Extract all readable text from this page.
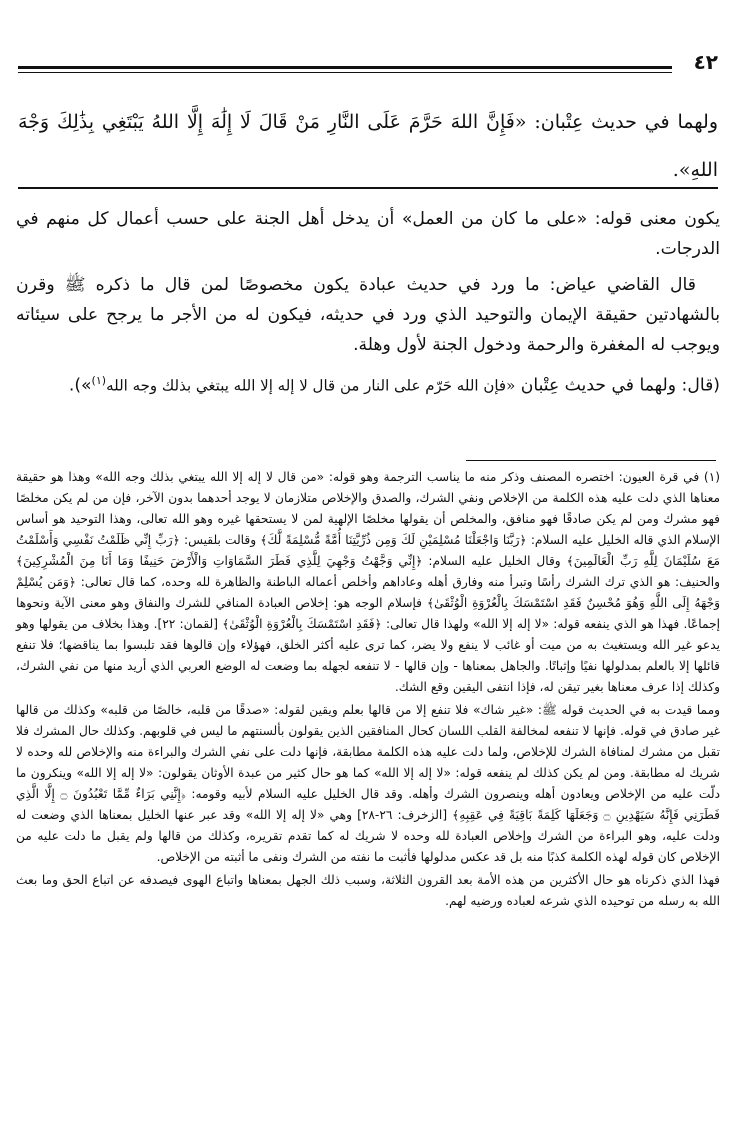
٤٢
ولهما في حديث عِتْبان: «فَإِنَّ اللهَ حَرَّمَ عَلَى النَّارِ مَنْ قَالَ لَا إِلَٰهَ إِلَّا اللهُ يَبْتَغِي بِذَٰلِكَ وَجْهَ اللهِ».

يكون معنى قوله: «على ما كان من العمل» أن يدخل أهل الجنة على حسب أعمال كل منهم في الدرجات.

قال القاضي عياض: ما ورد في حديث عبادة يكون مخصوصًا لمن قال ما ذكره ﷺ وقرن بالشهادتين حقيقة الإيمان والتوحيد الذي ورد في حديثه، فيكون له من الأجر ما يرجح على سيئاته ويوجب له المغفرة والرحمة ودخول الجنة لأول وهلة.

(قال: ولهما في حديث عِتْبان «فإن الله حَرّم على النار من قال لا إله إلا الله يبتغي بذلك وجه الله$^{(١)}$»).

(١) في قرة العيون: اختصره المصنف وذكر منه ما يناسب الترجمة وهو قوله: «من قال لا إله إلا الله يبتغي بذلك وجه الله» وهذا هو حقيقة معناها الذي دلت عليه هذه الكلمة من الإخلاص ونفي الشرك، والصدق والإخلاص متلازمان لا يوجد أحدهما بدون الآخر، فإن من لم يكن مخلصًا فهو مشرك ومن لم يكن صادقًا فهو منافق، والمخلص أن يقولها مخلصًا الإلهية لمن لا يستحقها غيره وهو الله تعالى، وهذا التوحيد هو أساس الإسلام الذي قاله الخليل عليه السلام: ﴿رَبَّنَا وَاجْعَلْنَا مُسْلِمَيْنِ لَكَ وَمِن ذُرِّيَّتِنَا أُمَّةً مُّسْلِمَةً لَّكَ﴾ وقالت بلقيس: ﴿رَبِّ إِنِّي ظَلَمْتُ نَفْسِي وَأَسْلَمْتُ مَعَ سُلَيْمَانَ لِلَّهِ رَبِّ الْعَالَمِينَ﴾ وقال الخليل عليه السلام: ﴿إِنِّي وَجَّهْتُ وَجْهِيَ لِلَّذِي فَطَرَ السَّمَاوَاتِ وَالْأَرْضَ حَنِيفًا وَمَا أَنَا مِنَ الْمُشْرِكِينَ﴾ والحنيف: هو الذي ترك الشرك رأسًا وتبرأ منه وفارق أهله وعاداهم وأخلص أعماله الباطنة والظاهرة لله وحده، كما قال تعالى: ﴿وَمَن يُسْلِمْ وَجْهَهُ إِلَى اللَّهِ وَهُوَ مُحْسِنٌ فَقَدِ اسْتَمْسَكَ بِالْعُرْوَةِ الْوُثْقَىٰ﴾ فإسلام الوجه هو: إخلاص العبادة المنافي للشرك والنفاق وهو معنى الآية ونحوها إجماعًا. فهذا هو الذي ينفعه قوله: «لا إله إلا الله» ولهذا قال تعالى: ﴿فَقَدِ اسْتَمْسَكَ بِالْعُرْوَةِ الْوُثْقَىٰ﴾ [لقمان: ٢٢]. وهذا بخلاف من يقولها وهو يدعو غير الله ويستغيث به من ميت أو غائب لا ينفع ولا يضر، كما ترى عليه أكثر الخلق، فهؤلاء وإن قالوها فقد تلبسوا بما يناقضها؛ فلا تنفع قائلها إلا بالعلم بمدلولها نفيًا وإثباتًا. والجاهل بمعناها - وإن قالها - لا تنفعه لجهله بما وضعت له الوضع العربي الذي أريد منها من نفي الشرك، وكذلك إذا عرف معناها بغير تيقن له، فإذا انتفى اليقين وقع الشك.

ومما قيدت به في الحديث قوله ﷺ: «غير شاك» فلا تنفع إلا من قالها بعلم ويقين لقوله: «صدقًا من قلبه، خالصًا من قلبه» وكذلك من قالها غير صادق في قوله. فإنها لا تنفعه لمخالفة القلب اللسان كحال المنافقين الذين يقولون بألسنتهم ما ليس في قلوبهم. وكذلك حال المشرك فلا تقبل من مشرك لمنافاة الشرك للإخلاص، ولما دلت عليه هذه الكلمة مطابقة، فإنها دلت على نفي الشرك والبراءة منه والإخلاص لله وحده لا شريك له مطابقة. ومن لم يكن كذلك لم ينفعه قوله: «لا إله إلا الله» كما هو حال كثير من عبدة الأوثان يقولون: «لا إله إلا الله» وينكرون ما دلّت عليه من الإخلاص ويعادون أهله وينصرون الشرك وأهله. وقد قال الخليل عليه السلام لأبيه وقومه: ﴿إِنَّنِي بَرَاءٌ مِّمَّا تَعْبُدُونَ ۝ إِلَّا الَّذِي فَطَرَنِي فَإِنَّهُ سَيَهْدِينِ ۝ وَجَعَلَهَا كَلِمَةً بَاقِيَةً فِي عَقِبِهِ﴾ [الزخرف: ٢٦-٢٨] وهي «لا إله إلا الله» وقد عبر عنها الخليل بمعناها الذي وضعت له ودلت عليه، وهو البراءة من الشرك وإخلاص العبادة لله وحده لا شريك له كما تقدم تقريره، وكذلك من قالها ولم يقبل ما دلت عليه من الإخلاص كان قوله لهذه الكلمة كذبًا منه بل قد عكس مدلولها فأثبت ما نفته من الشرك ونفى ما أثبته من الإخلاص.

فهذا الذي ذكرناه هو حال الأكثرين من هذه الأمة بعد القرون الثلاثة، وسبب ذلك الجهل بمعناها واتباع الهوى فيصدفه عن اتباع الحق وما بعث الله به رسله من توحيده الذي شرعه لعباده ورضيه لهم.
